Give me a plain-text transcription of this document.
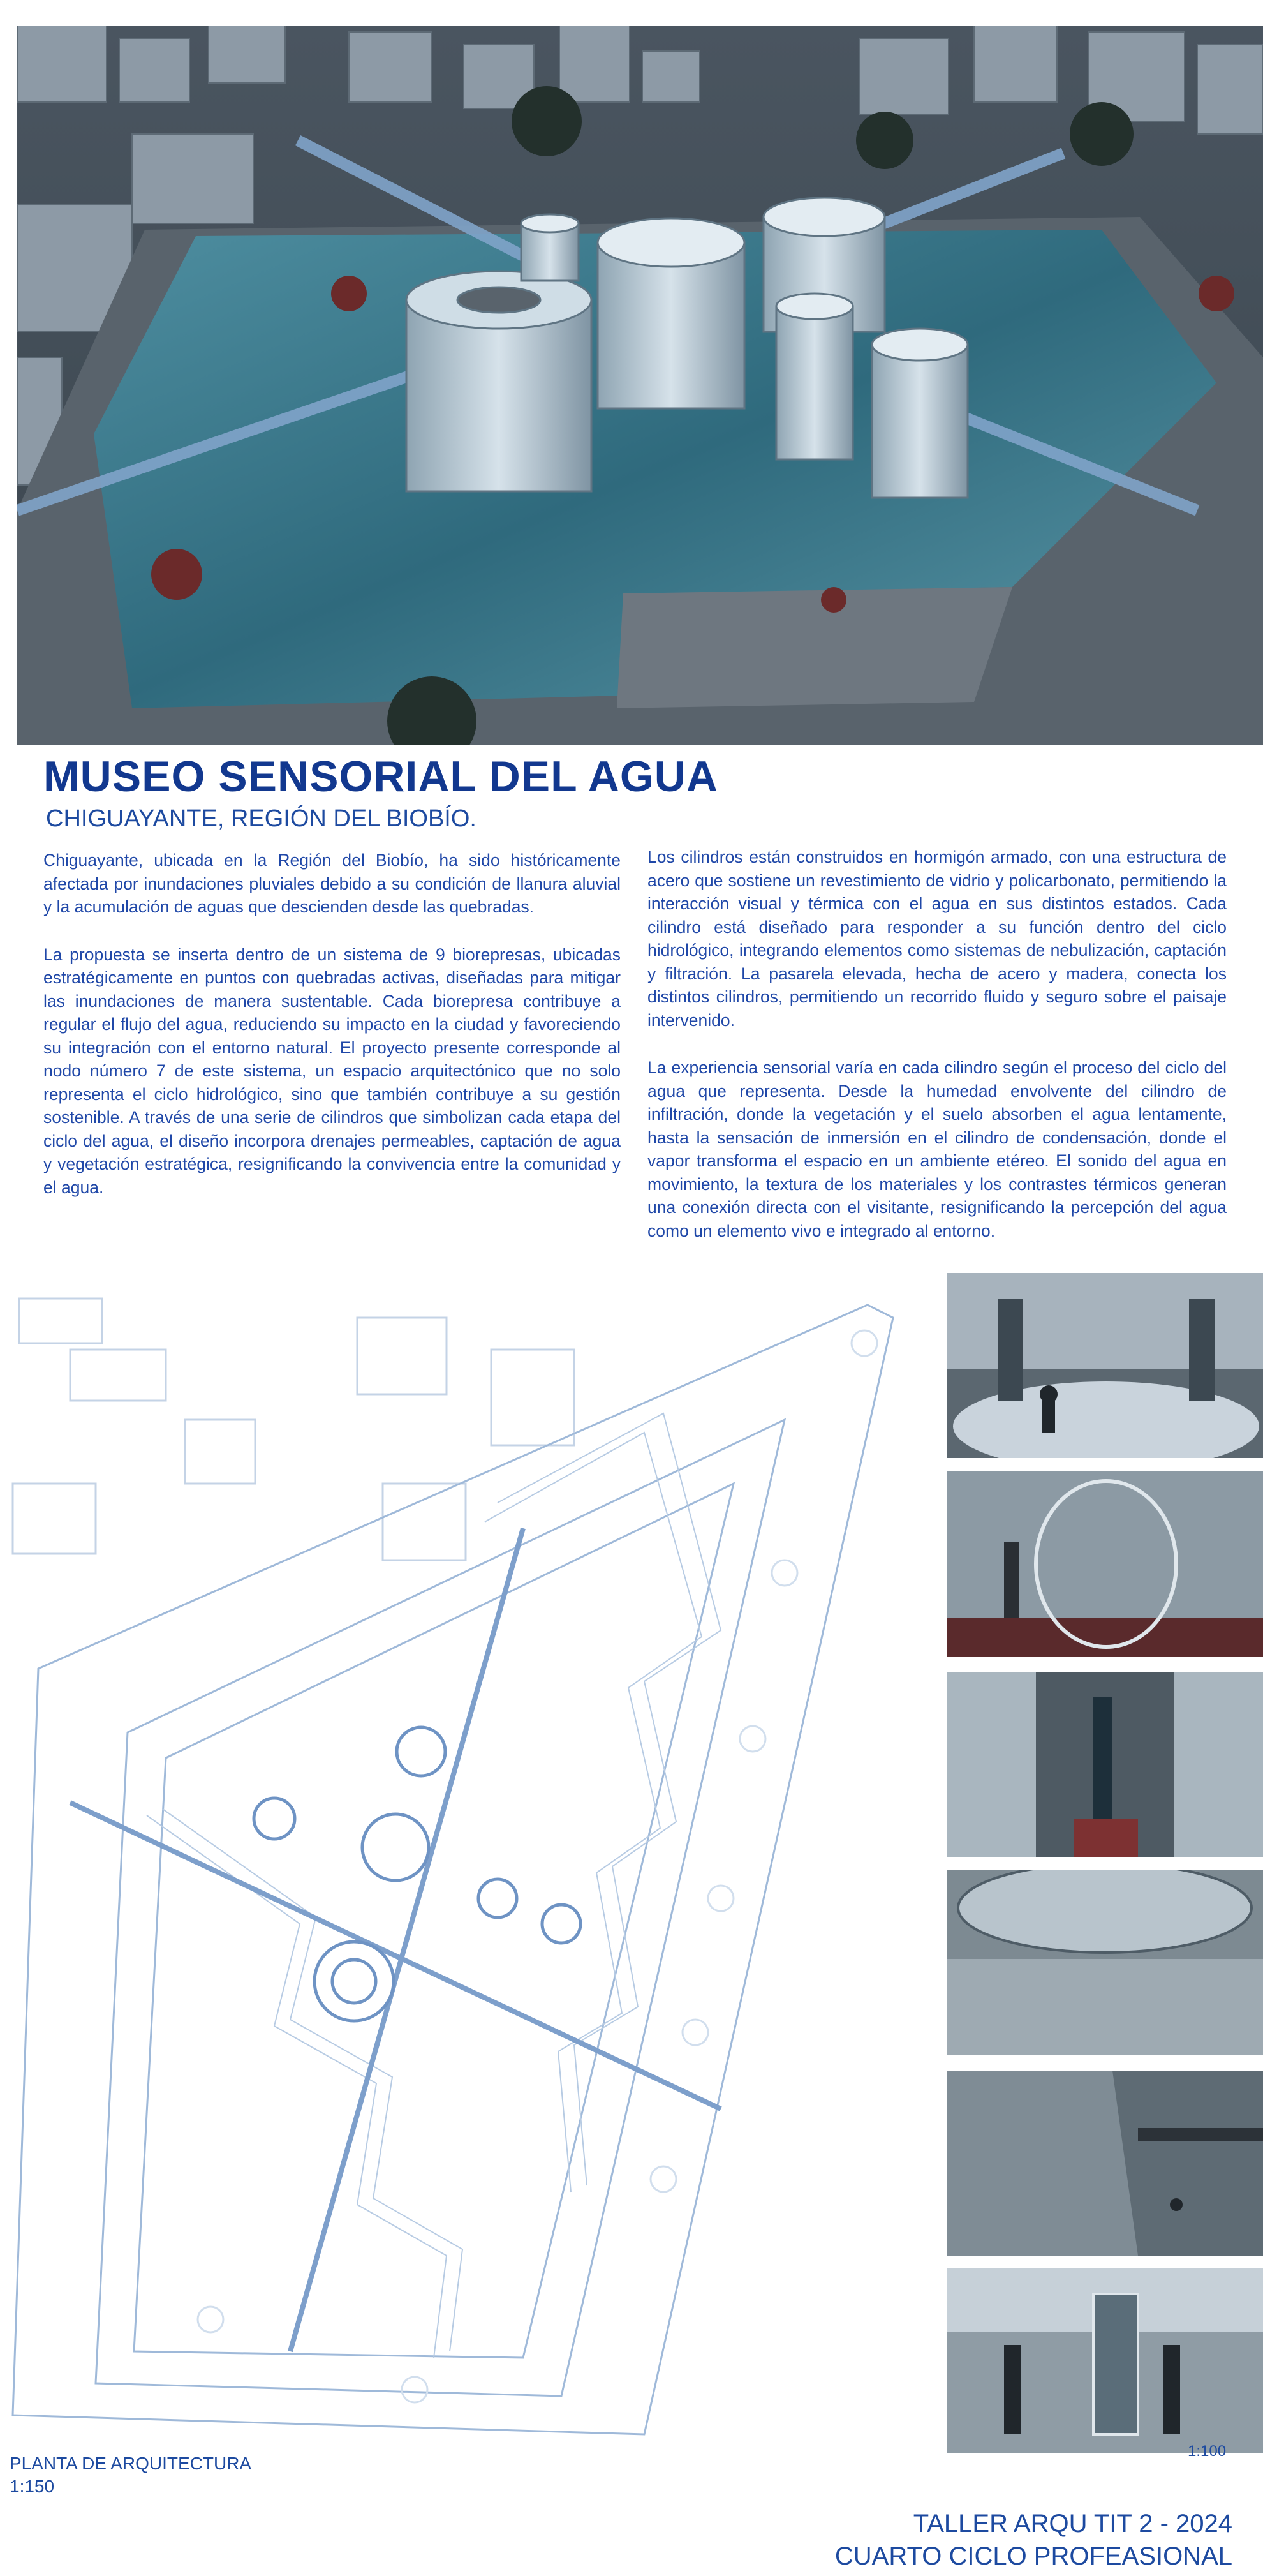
MUSEO SENSORIAL DEL AGUA
CHIGUAYANTE, REGIÓN DEL BIOBÍO.

Chiguayante, ubicada en la Región del Biobío, ha sido históricamente afectada por inundaciones pluviales debido a su condición de llanura aluvial y la acumulación de aguas que descienden desde las quebradas.

La propuesta se inserta dentro de un sistema de 9 biorepresas, ubicadas estratégicamente en puntos con quebradas activas, diseñadas para mitigar las inundaciones de manera sustentable. Cada biorepresa contribuye a regular el flujo del agua, reduciendo su impacto en la ciudad y favoreciendo su integración con el entorno natural. El proyecto presente corresponde al nodo número 7 de este sistema, un espacio arquitectónico que no solo representa el ciclo hidrológico, sino que también contribuye a su gestión sostenible. A través de una serie de cilindros que simbolizan cada etapa del ciclo del agua, el diseño incorpora drenajes permeables, captación de agua y vegetación estratégica, resignificando la convivencia entre la comunidad y el agua.

Los cilindros están construidos en hormigón armado, con una estructura de acero que sostiene un revestimiento de vidrio y policarbonato, permitiendo la interacción visual y térmica con el agua en sus distintos estados. Cada cilindro está diseñado para responder a su función dentro del ciclo hidrológico, integrando elementos como sistemas de nebulización, captación y filtración. La pasarela elevada, hecha de acero y madera, conecta los distintos cilindros, permitiendo un recorrido fluido y seguro sobre el paisaje intervenido.

La experiencia sensorial varía en cada cilindro según el proceso del ciclo del agua que representa. Desde la humedad envolvente del cilindro de infiltración, donde la vegetación y el suelo absorben el agua lentamente, hasta la sensación de inmersión en el cilindro de condensación, donde el vapor transforma el espacio en un ambiente etéreo. El sonido del agua en movimiento, la textura de los materiales y los contrastes térmicos generan una conexión directa con el visitante, resignificando la percepción del agua como un elemento vivo e integrado al entorno.

1:100
PLANTA DE ARQUITECTURA
1:150
TALLER ARQU TIT 2 - 2024
CUARTO CICLO PROFEASIONAL
